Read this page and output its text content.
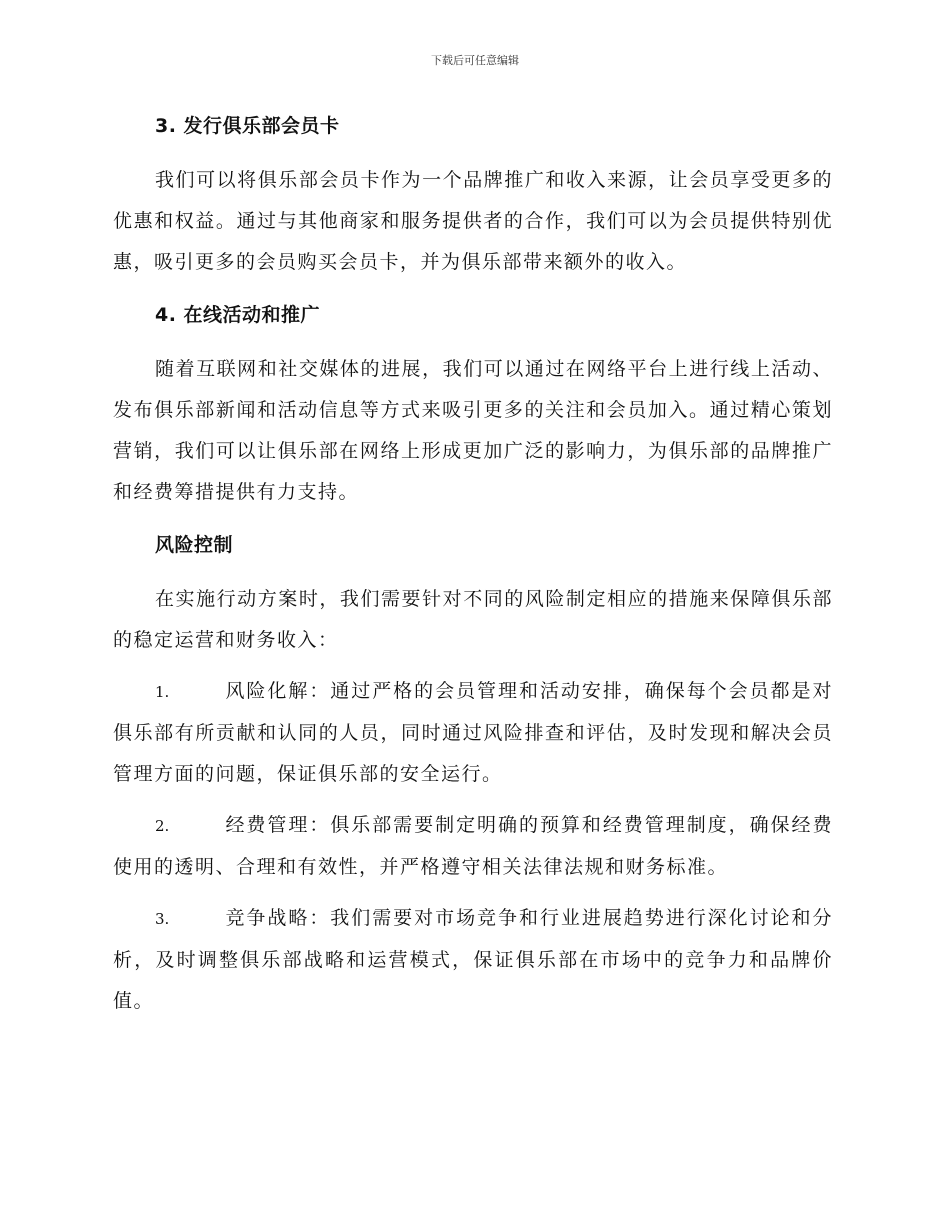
下载后可任意编辑
3. 发行俱乐部会员卡

我们可以将俱乐部会员卡作为一个品牌推广和收入来源，让会员享受更多的优惠和权益。通过与其他商家和服务提供者的合作，我们可以为会员提供特别优惠，吸引更多的会员购买会员卡，并为俱乐部带来额外的收入。

4. 在线活动和推广

随着互联网和社交媒体的进展，我们可以通过在网络平台上进行线上活动、发布俱乐部新闻和活动信息等方式来吸引更多的关注和会员加入。通过精心策划营销，我们可以让俱乐部在网络上形成更加广泛的影响力，为俱乐部的品牌推广和经费筹措提供有力支持。

风险控制

在实施行动方案时，我们需要针对不同的风险制定相应的措施来保障俱乐部的稳定运营和财务收入：

1.	风险化解：通过严格的会员管理和活动安排，确保每个会员都是对俱乐部有所贡献和认同的人员，同时通过风险排查和评估，及时发现和解决会员管理方面的问题，保证俱乐部的安全运行。

2.	经费管理：俱乐部需要制定明确的预算和经费管理制度，确保经费使用的透明、合理和有效性，并严格遵守相关法律法规和财务标准。

3.	竞争战略：我们需要对市场竞争和行业进展趋势进行深化讨论和分析，及时调整俱乐部战略和运营模式，保证俱乐部在市场中的竞争力和品牌价值。
